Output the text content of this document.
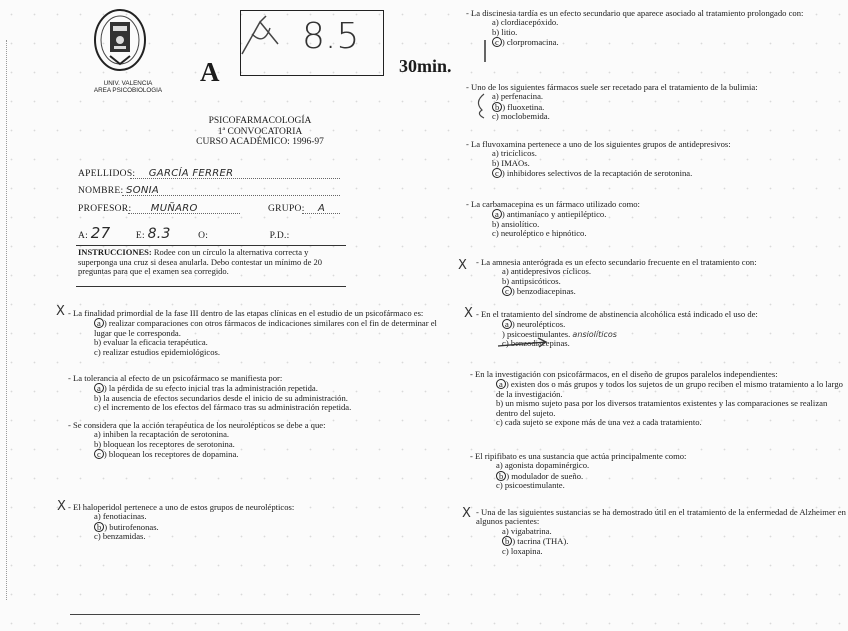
UNIV. VALENCIA
AREA PSICOBIOLOGIA
A
8.5
30min.
PSICOFARMACOLOGÍA
1ª CONVOCATORIA
CURSO ACADÉMICO: 1996-97
APELLIDOS: GARCÍA FERRER
NOMBRE: SONIA
PROFESOR: MUÑARO	GRUPO: A
A: 27	E: 8.3	O:	P.D.:
INSTRUCCIONES: Rodee con un círculo la alternativa correcta y superponga una cruz si desea anularla. Debo contestar un mínimo de 20 preguntas para que el examen sea corregido.
- La finalidad primordial de la fase III dentro de las etapas clínicas en el estudio de un psicofármaco es:
a ) realizar comparaciones con otros fármacos de indicaciones similares con el fin de determinar el lugar que le corresponda.
b) evaluar la eficacia terapéutica.
c) realizar estudios epidemiológicos.
- La tolerancia al efecto de un psicofármaco se manifiesta por:
a ) la pérdida de su efecto inicial tras la administración repetida.
b) la ausencia de efectos secundarios desde el inicio de su administración.
c) el incremento de los efectos del fármaco tras su administración repetida.
- Se considera que la acción terapéutica de los neurolépticos se debe a que:
a) inhiben la recaptación de serotonina.
b) bloquean los receptores de serotonina.
c ) bloquean los receptores de dopamina.
- El haloperidol pertenece a uno de estos grupos de neurolépticos:
a) fenotiacinas.
b ) butirofenonas.
c) benzamidas.
X
X
- La discinesia tardía es un efecto secundario que aparece asociado al tratamiento prolongado con:
a) clordiacepóxido.
b) litio.
c ) clorpromacina.
- Uno de los siguientes fármacos suele ser recetado para el tratamiento de la bulimia:
a) perfenacina.
b ) fluoxetina.
c) moclobemida.
- La fluvoxamina pertenece a uno de los siguientes grupos de antidepresivos:
a) tricíclicos.
b) IMAOs.
c ) inhibidores selectivos de la recaptación de serotonina.
- La carbamacepina es un fármaco utilizado como:
a ) antimaníaco y antiepiléptico.
b) ansiolítico.
c) neuroléptico e hipnótico.
- La amnesia anterógrada es un efecto secundario frecuente en el tratamiento con:
a) antidepresivos cíclicos.
b) antipsicóticos.
c ) benzodiacepinas.
- En el tratamiento del síndrome de abstinencia alcohólica está indicado el uso de:
a ) neurolépticos.
) psicoestimulantes. ansiolíticos
c) benzodiacepinas.
- En la investigación con psicofármacos, en el diseño de grupos paralelos independientes:
a ) existen dos o más grupos y todos los sujetos de un grupo reciben el mismo tratamiento a lo largo de la investigación.
b) un mismo sujeto pasa por los diversos tratamientos existentes y las comparaciones se realizan dentro del sujeto.
c) cada sujeto se expone más de una vez a cada tratamiento.
- El ripifibato es una sustancia que actúa principalmente como:
a) agonista dopaminérgico.
b ) modulador de sueño.
c) psicoestimulante.
- Una de las siguientes sustancias se ha demostrado útil en el tratamiento de la enfermedad de Alzheimer en algunos pacientes:
a) vigabatrina.
b ) tacrina (THA).
c) loxapina.
X
X
X
